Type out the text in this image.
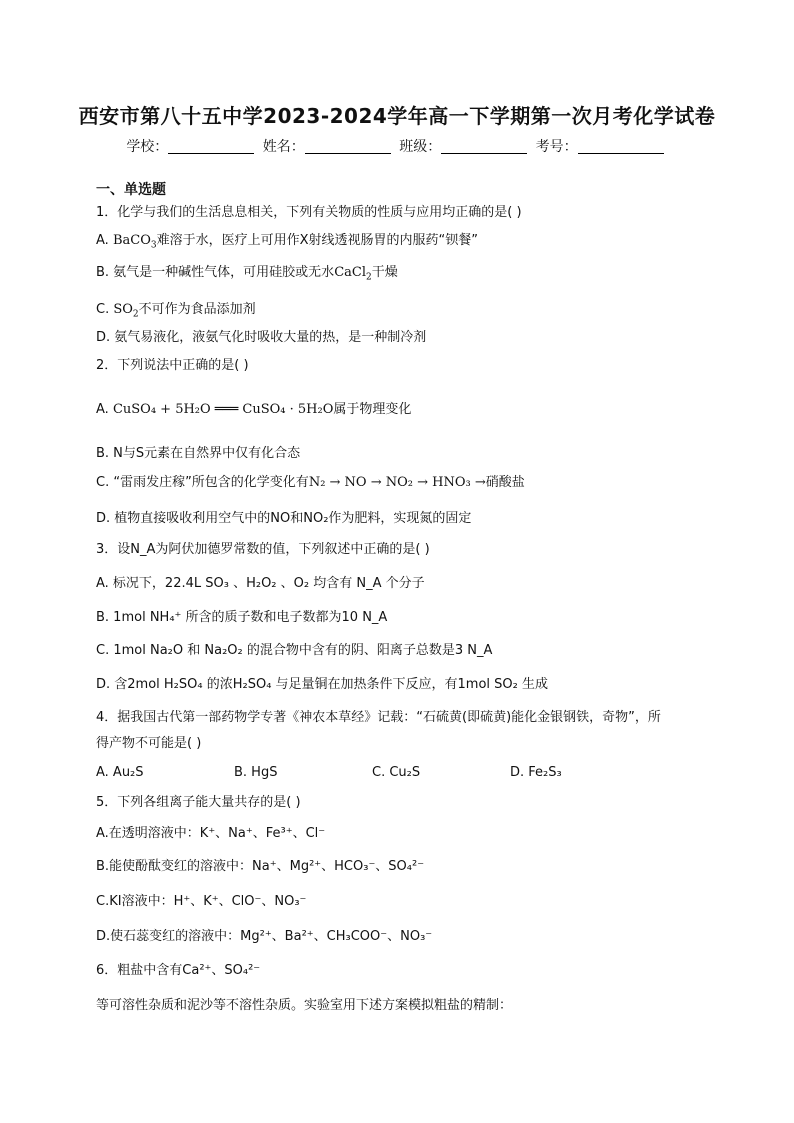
西安市第八十五中学2023-2024学年高一下学期第一次月考化学试卷
学校：	姓名：	班级：	考号：
一、单选题
1．化学与我们的生活息息相关，下列有关物质的性质与应用均正确的是( )
A. BaCO$_3$难溶于水，医疗上可用作X射线透视肠胃的内服药“钡餐”
B. 氨气是一种碱性气体，可用硅胶或无水CaCl$_2$干燥
C. $SO_2$不可作为食品添加剂
D. 氨气易液化，液氨气化时吸收大量的热，是一种制冷剂
2．下列说法中正确的是( )
A. CuSO₄ + 5H₂O ═══ CuSO₄ · 5H₂O属于物理变化
B. N与S元素在自然界中仅有化合态
C. “雷雨发庄稼”所包含的化学变化有N₂ → NO → NO₂ → HNO₃ →硝酸盐
D. 植物直接吸收利用空气中的NO和NO₂作为肥料，实现氮的固定
3．设N_A为阿伏加德罗常数的值，下列叙述中正确的是( )
A. 标况下，22.4L SO₃ 、H₂O₂ 、O₂ 均含有 N_A 个分子
B. 1mol NH₄⁺ 所含的质子数和电子数都为10 N_A
C. 1mol Na₂O 和 Na₂O₂ 的混合物中含有的阴、阳离子总数是3 N_A
D. 含2mol H₂SO₄ 的浓H₂SO₄ 与足量铜在加热条件下反应，有1mol SO₂ 生成
4．据我国古代第一部药物学专著《神农本草经》记载：“石硫黄(即硫黄)能化金银钢铁，奇物”，所
得产物不可能是( )
A. Au₂S	B. HgS	C. Cu₂S	D. Fe₂S₃
5．下列各组离子能大量共存的是( )
A.在透明溶液中：K⁺、Na⁺、Fe³⁺、Cl⁻
B.能使酚酞变红的溶液中：Na⁺、Mg²⁺、HCO₃⁻、SO₄²⁻
C.KI溶液中：H⁺、K⁺、ClO⁻、NO₃⁻
D.使石蕊变红的溶液中：Mg²⁺、Ba²⁺、CH₃COO⁻、NO₃⁻
6．粗盐中含有Ca²⁺、SO₄²⁻
等可溶性杂质和泥沙等不溶性杂质。实验室用下述方案模拟粗盐的精制：
